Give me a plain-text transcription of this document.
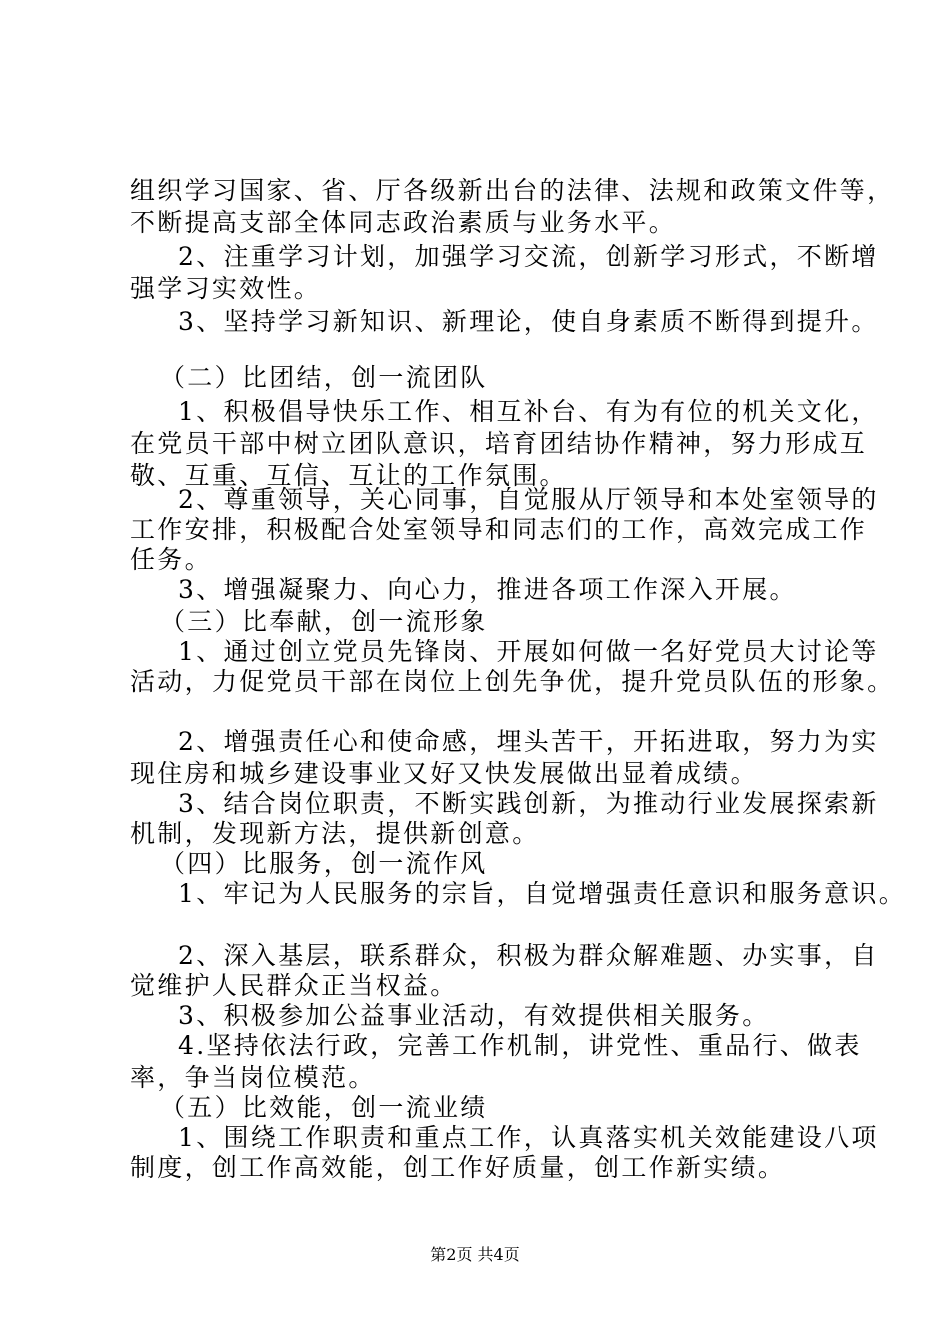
组织学习国家、省、厅各级新出台的法律、法规和政策文件等，
不断提高支部全体同志政治素质与业务水平。
2、注重学习计划，加强学习交流，创新学习形式，不断增
强学习实效性。
3、坚持学习新知识、新理论，使自身素质不断得到提升。
（二）比团结，创一流团队
1、积极倡导快乐工作、相互补台、有为有位的机关文化，
在党员干部中树立团队意识，培育团结协作精神，努力形成互
敬、互重、互信、互让的工作氛围。
2、尊重领导，关心同事，自觉服从厅领导和本处室领导的
工作安排，积极配合处室领导和同志们的工作，高效完成工作
任务。
3、增强凝聚力、向心力，推进各项工作深入开展。
（三）比奉献，创一流形象
1、通过创立党员先锋岗、开展如何做一名好党员大讨论等
活动，力促党员干部在岗位上创先争优，提升党员队伍的形象。
2、增强责任心和使命感，埋头苦干，开拓进取，努力为实
现住房和城乡建设事业又好又快发展做出显着成绩。
3、结合岗位职责，不断实践创新，为推动行业发展探索新
机制，发现新方法，提供新创意。
（四）比服务，创一流作风
1、牢记为人民服务的宗旨，自觉增强责任意识和服务意识。
2、深入基层，联系群众，积极为群众解难题、办实事，自
觉维护人民群众正当权益。
3、积极参加公益事业活动，有效提供相关服务。
4.坚持依法行政，完善工作机制，讲党性、重品行、做表
率，争当岗位模范。
（五）比效能，创一流业绩
1、围绕工作职责和重点工作，认真落实机关效能建设八项
制度，创工作高效能，创工作好质量，创工作新实绩。
第2页 共4页
